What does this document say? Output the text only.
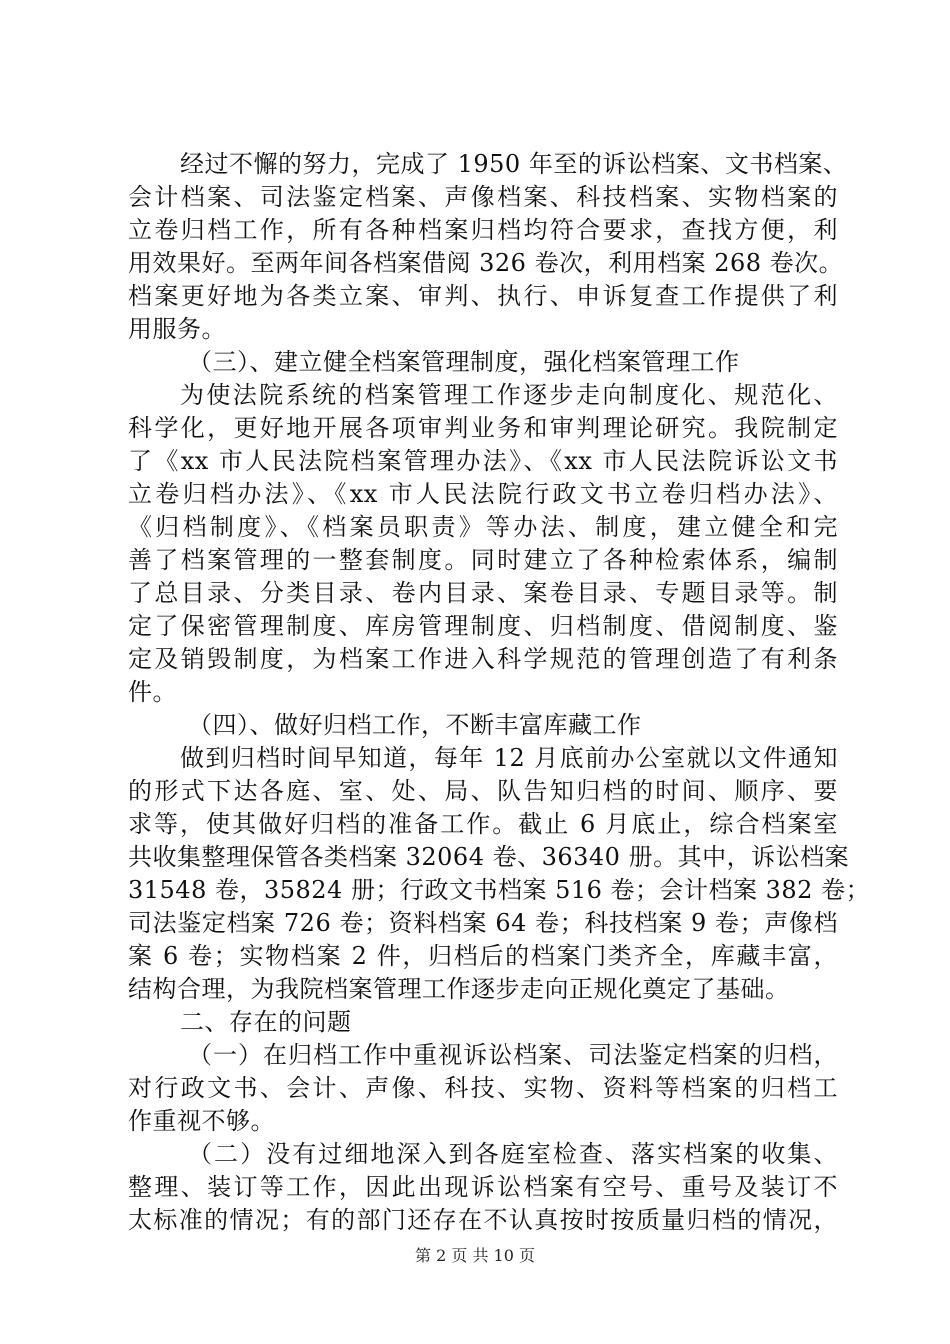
经过不懈的努力，完成了 1950 年至的诉讼档案、文书档案、
会计档案、司法鉴定档案、声像档案、科技档案、实物档案的
立卷归档工作，所有各种档案归档均符合要求，查找方便，利
用效果好。至两年间各档案借阅 326 卷次，利用档案 268 卷次。
档案更好地为各类立案、审判、执行、申诉复查工作提供了利
用服务。
（三）、建立健全档案管理制度，强化档案管理工作
为使法院系统的档案管理工作逐步走向制度化、规范化、
科学化，更好地开展各项审判业务和审判理论研究。我院制定
了《xx 市人民法院档案管理办法》、《xx 市人民法院诉讼文书
立卷归档办法》、《xx 市人民法院行政文书立卷归档办法》、
《归档制度》、《档案员职责》等办法、制度，建立健全和完
善了档案管理的一整套制度。同时建立了各种检索体系，编制
了总目录、分类目录、卷内目录、案卷目录、专题目录等。制
定了保密管理制度、库房管理制度、归档制度、借阅制度、鉴
定及销毁制度，为档案工作进入科学规范的管理创造了有利条
件。
（四）、做好归档工作，不断丰富库藏工作
做到归档时间早知道，每年 12 月底前办公室就以文件通知
的形式下达各庭、室、处、局、队告知归档的时间、顺序、要
求等，使其做好归档的准备工作。截止 6 月底止，综合档案室
共收集整理保管各类档案 32064 卷、36340 册。其中，诉讼档案
31548 卷，35824 册；行政文书档案 516 卷；会计档案 382 卷；
司法鉴定档案 726 卷；资料档案 64 卷；科技档案 9 卷；声像档
案 6 卷；实物档案 2 件，归档后的档案门类齐全，库藏丰富，
结构合理，为我院档案管理工作逐步走向正规化奠定了基础。
二、存在的问题
（一）在归档工作中重视诉讼档案、司法鉴定档案的归档，
对行政文书、会计、声像、科技、实物、资料等档案的归档工
作重视不够。
（二）没有过细地深入到各庭室检查、落实档案的收集、
整理、装订等工作，因此出现诉讼档案有空号、重号及装订不
太标准的情况；有的部门还存在不认真按时按质量归档的情况，
第 2 页 共 10 页
